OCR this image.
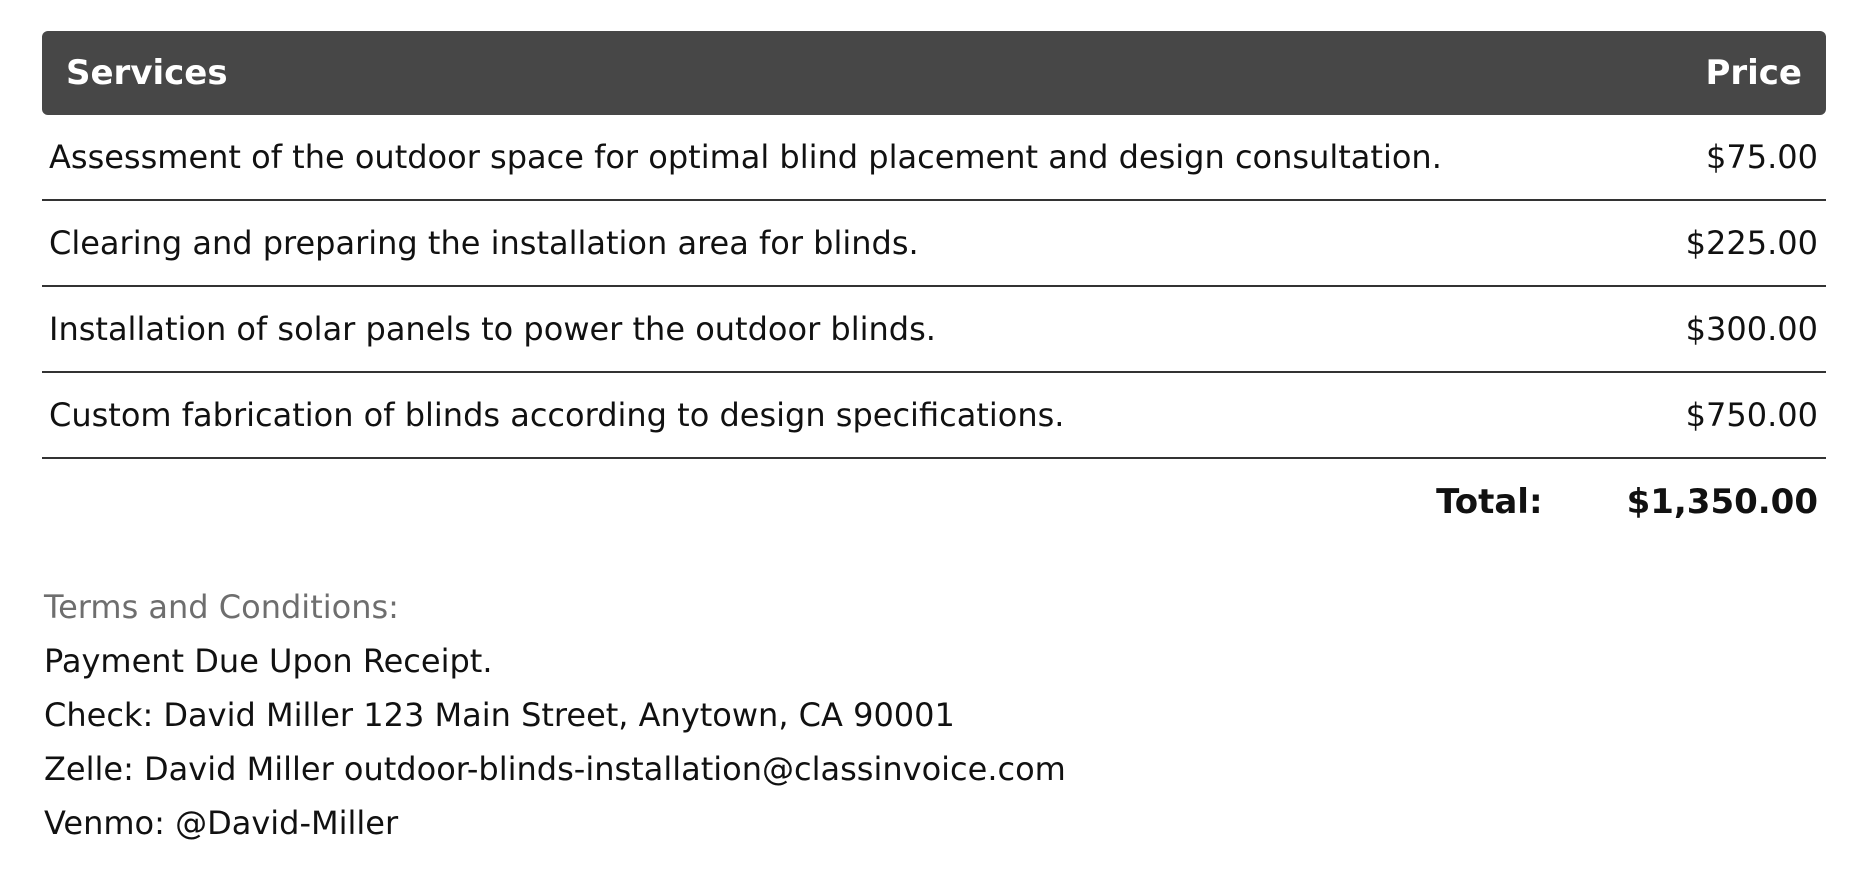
Services	Price
Assessment of the outdoor space for optimal blind placement and design consultation.	$75.00
Clearing and preparing the installation area for blinds.	$225.00
Installation of solar panels to power the outdoor blinds.	$300.00
Custom fabrication of blinds according to design specifications.	$750.00
Total: $1,350.00
Terms and Conditions:
Payment Due Upon Receipt.
Check: David Miller 123 Main Street, Anytown, CA 90001
Zelle: David Miller outdoor-blinds-installation@classinvoice.com
Venmo: @David-Miller
